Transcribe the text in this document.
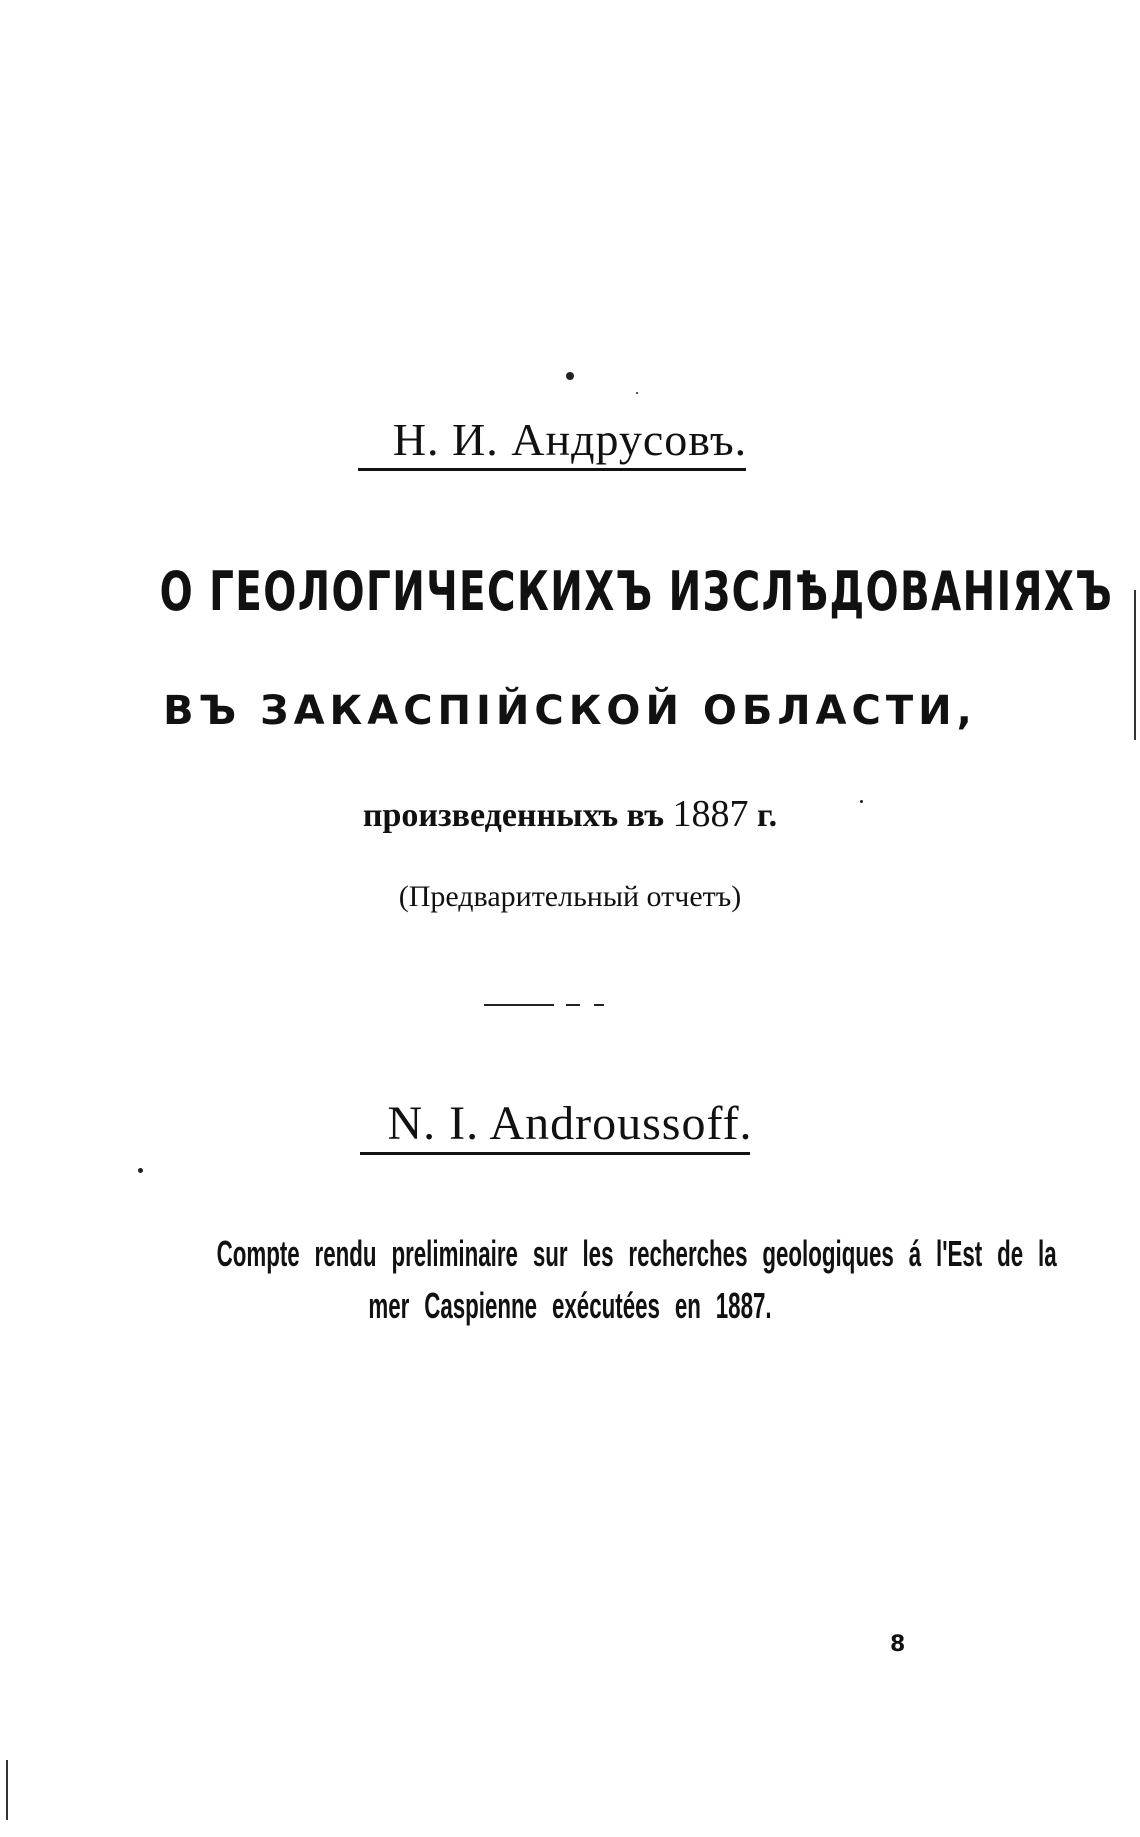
Н. И. Андрусовъ.
О ГЕОЛОГИЧЕСКИХЪ ИЗСЛѢДОВАНІЯХЪ
ВЪ ЗАКАСПІЙСКОЙ ОБЛАСТИ,
произведенныхъ въ 1887 г.
(Предварительный отчетъ)
N. I. Androussoff.
Compte rendu preliminaire sur les recherches geologiques á l'Est de la
mer Caspienne exécutées en 1887.
8
